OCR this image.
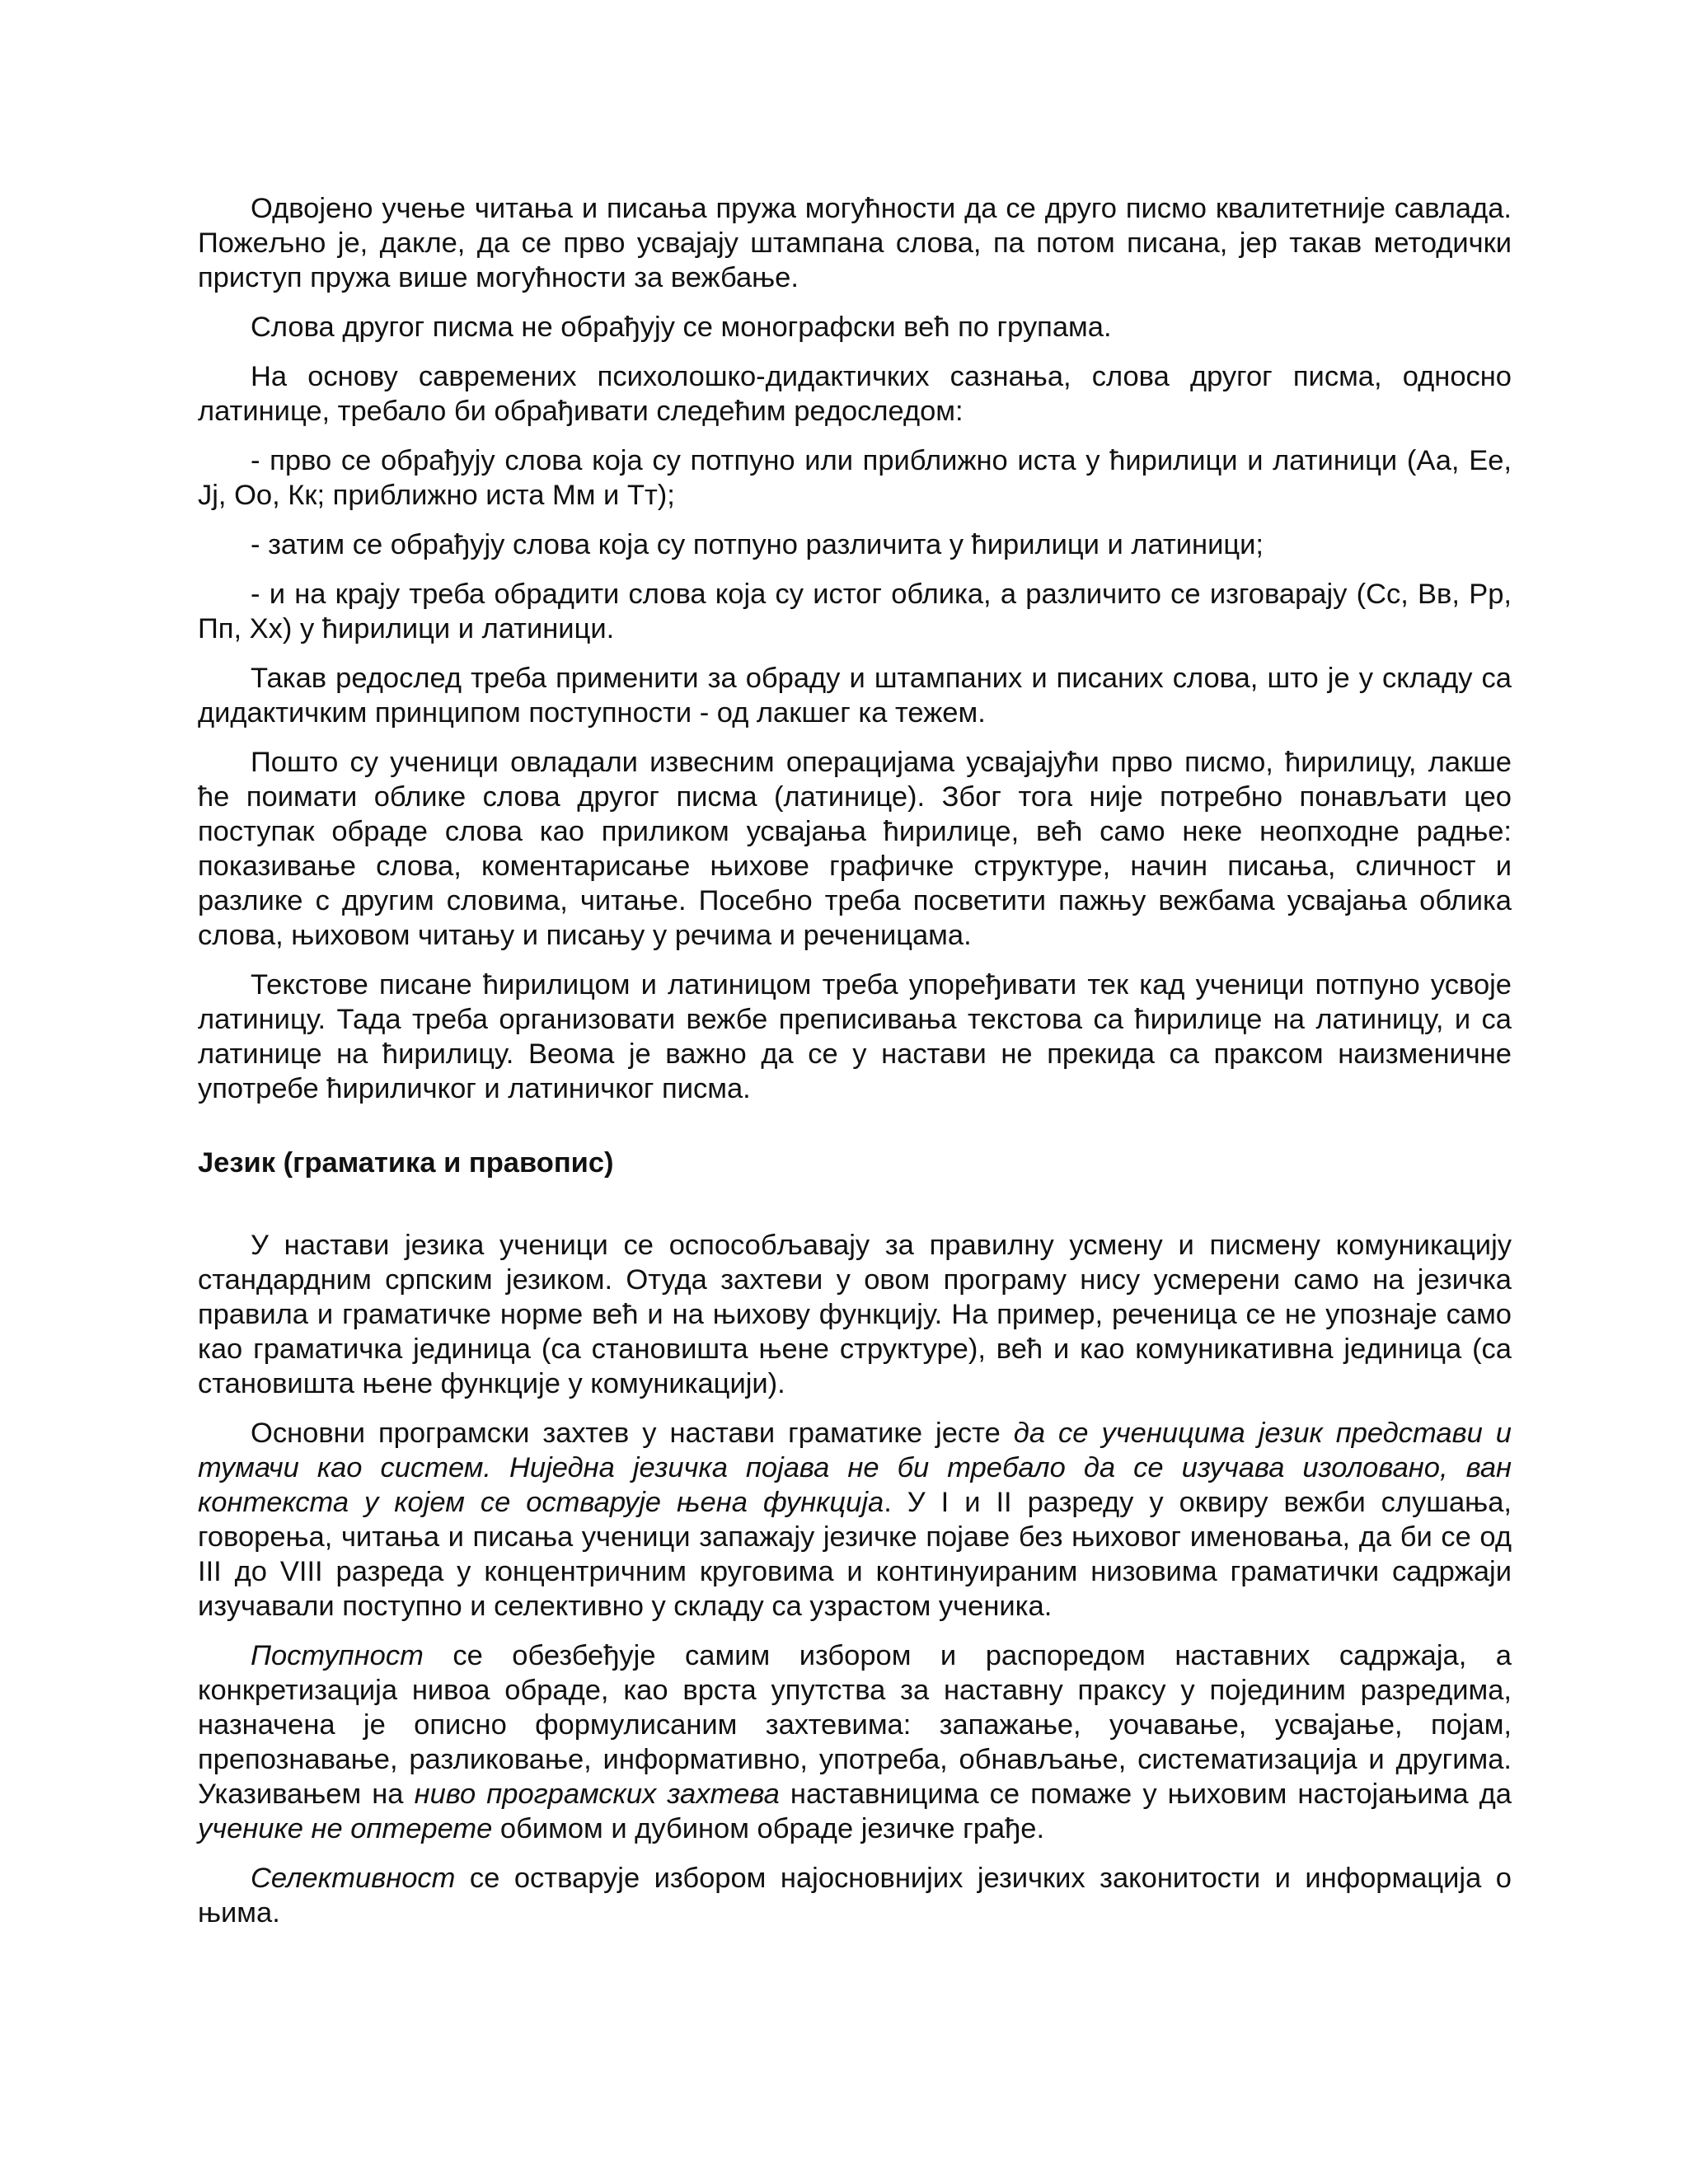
Одвојено учење читања и писања пружа могућности да се друго писмо квалитетније савлада. Пожељно је, дакле, да се прво усвајају штампана слова, па потом писана, јер такав методички приступ пружа више могућности за вежбање.

Слова другог писма не обрађују се монографски већ по групама.

На основу савремених психолошко-дидактичких сазнања, слова другог писма, односно латинице, требало би обрађивати следећим редоследом:

- прво се обрађују слова која су потпуно или приближно иста у ћирилици и латиници (Аа, Ее, Јј, Оо, Кк; приближно иста Мм и Тт);

- затим се обрађују слова која су потпуно различита у ћирилици и латиници;

- и на крају треба обрадити слова која су истог облика, а различито се изговарају (Сс, Вв, Рр, Пп, Хх) у ћирилици и латиници.

Такав редослед треба применити за обраду и штампаних и писаних слова, што је у складу са дидактичким принципом поступности - од лакшег ка тежем.

Пошто су ученици овладали извесним операцијама усвајајући прво писмо, ћирилицу, лакше ће поимати облике слова другог писма (латинице). Због тога није потребно понављати цео поступак обраде слова као приликом усвајања ћирилице, већ само неке неопходне радње: показивање слова, коментарисање њихове графичке структуре, начин писања, сличност и разлике с другим словима, читање. Посебно треба посветити пажњу вежбама усвајања облика слова, њиховом читању и писању у речима и реченицама.

Текстове писане ћирилицом и латиницом треба упоређивати тек кад ученици потпуно усвоје латиницу. Тада треба организовати вежбе преписивања текстова са ћирилице на латиницу, и са латинице на ћирилицу. Веома је важно да се у настави не прекида са праксом наизменичне употребе ћириличког и латиничког писма.

Језик (граматика и правопис)

У настави језика ученици се оспособљавају за правилну усмену и писмену комуникацију стандардним српским језиком. Отуда захтеви у овом програму нису усмерени само на језичка правила и граматичке норме већ и на њихову функцију. На пример, реченица се не упознаје само као граматичка јединица (са становишта њене структуре), већ и као комуникативна јединица (са становишта њене функције у комуникацији).

Основни програмски захтев у настави граматике јесте да се ученицима језик представи и тумачи као систем. Ниједна језичка појава не би требало да се изучава изоловано, ван контекста у којем се остварује њена функција. У I и II разреду у оквиру вежби слушања, говорења, читања и писања ученици запажају језичке појаве без њиховог именовања, да би се од III до VIII разреда у концентричним круговима и континуираним низовима граматички садржаји изучавали поступно и селективно у складу са узрастом ученика.

Поступност се обезбеђује самим избором и распоредом наставних садржаја, а конкретизација нивоа обраде, као врста упутства за наставну праксу у појединим разредима, назначена је описно формулисаним захтевима: запажање, уочавање, усвајање, појам, препознавање, разликовање, информативно, употреба, обнављање, систематизација и другима. Указивањем на ниво програмских захтева наставницима се помаже у њиховим настојањима да ученике не оптерете обимом и дубином обраде језичке грађе.

Селективност се остварује избором најосновнијих језичких законитости и информација о њима.
